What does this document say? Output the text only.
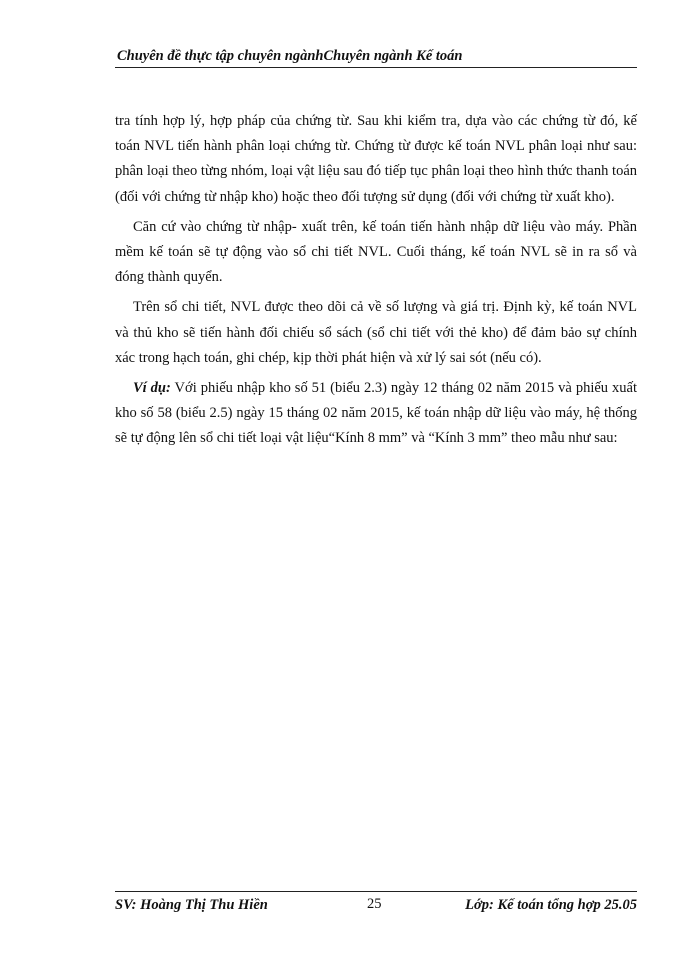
Chuyên đề thực tập chuyên ngànhChuyên ngành Kế toán

tra tính hợp lý, hợp pháp của chứng từ. Sau khi kiểm tra, dựa vào các chứng từ đó, kế toán NVL tiến hành phân loại chứng từ. Chứng từ được kế toán NVL phân loại như sau: phân loại theo từng nhóm, loại vật liệu sau đó tiếp tục phân loại theo hình thức thanh toán (đối với chứng từ nhập kho) hoặc theo đối tượng sử dụng (đối với chứng từ xuất kho).

Căn cứ vào chứng từ nhập- xuất trên, kế toán tiến hành nhập dữ liệu vào máy. Phần mềm kế toán sẽ tự động vào sổ chi tiết NVL. Cuối tháng, kế toán NVL sẽ in ra sổ và đóng thành quyển.

Trên sổ chi tiết, NVL được theo dõi cả về số lượng và giá trị. Định kỳ, kế toán NVL và thủ kho sẽ tiến hành đối chiếu sổ sách (sổ chi tiết với thẻ kho) để đảm bảo sự chính xác trong hạch toán, ghi chép, kịp thời phát hiện và xử lý sai sót (nếu có).

Ví dụ: Với phiếu nhập kho số 51 (biểu 2.3) ngày 12 tháng 02 năm 2015 và phiếu xuất kho số 58 (biểu 2.5) ngày 15 tháng 02 năm 2015, kế toán nhập dữ liệu vào máy, hệ thống sẽ tự động lên sổ chi tiết loại vật liệu“Kính 8 mm” và “Kính 3 mm” theo mẫu như sau:

SV: Hoàng Thị Thu Hiền	25	Lớp: Kế toán tổng hợp 25.05
